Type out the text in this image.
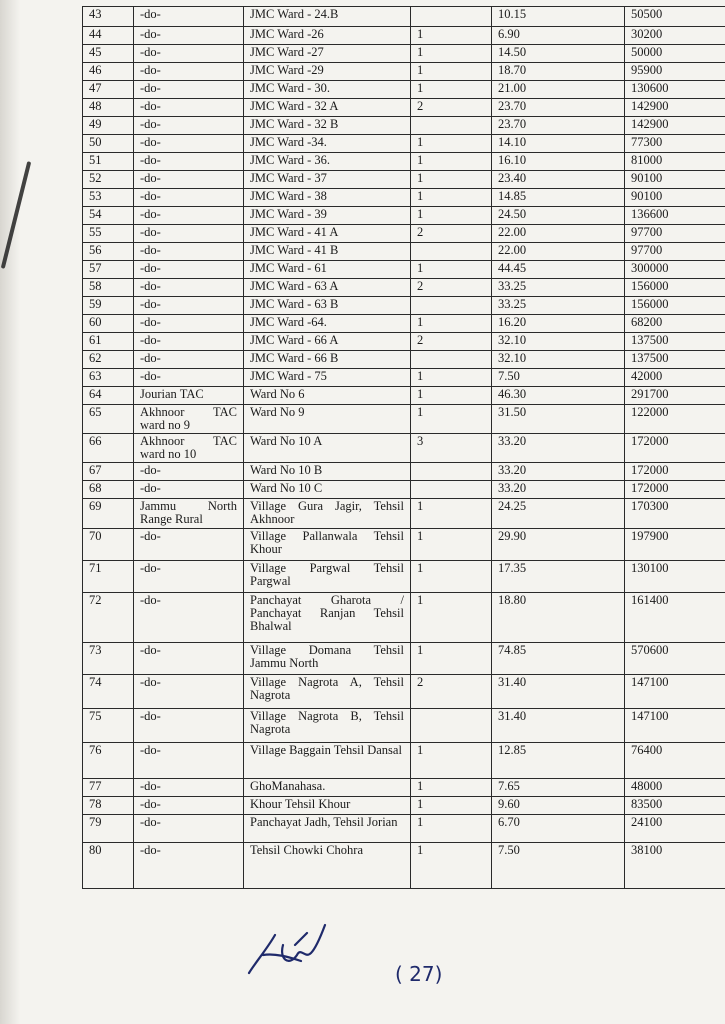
43	-do-	JMC Ward - 24.B		10.15	50500
44	-do-	JMC Ward -26	1	6.90	30200
45	-do-	JMC Ward -27	1	14.50	50000
46	-do-	JMC Ward -29	1	18.70	95900
47	-do-	JMC Ward - 30.	1	21.00	130600
48	-do-	JMC Ward - 32 A	2	23.70	142900
49	-do-	JMC Ward - 32 B		23.70	142900
50	-do-	JMC Ward -34.	1	14.10	77300
51	-do-	JMC Ward - 36.	1	16.10	81000
52	-do-	JMC Ward - 37	1	23.40	90100
53	-do-	JMC Ward - 38	1	14.85	90100
54	-do-	JMC Ward - 39	1	24.50	136600
55	-do-	JMC Ward - 41 A	2	22.00	97700
56	-do-	JMC Ward - 41 B		22.00	97700
57	-do-	JMC Ward - 61	1	44.45	300000
58	-do-	JMC Ward - 63 A	2	33.25	156000
59	-do-	JMC Ward - 63 B		33.25	156000
60	-do-	JMC Ward -64.	1	16.20	68200
61	-do-	JMC Ward - 66 A	2	32.10	137500
62	-do-	JMC Ward - 66 B		32.10	137500
63	-do-	JMC Ward - 75	1	7.50	42000
64	Jourian TAC	Ward No 6	1	46.30	291700
65	Akhnoor TAC ward no 9	Ward No 9	1	31.50	122000
66	Akhnoor TAC ward no 10	Ward No 10 A	3	33.20	172000
67	-do-	Ward No 10 B		33.20	172000
68	-do-	Ward No 10 C		33.20	172000
69	Jammu North Range Rural	Village Gura Jagir, Tehsil Akhnoor	1	24.25	170300
70	-do-	Village Pallanwala Tehsil Khour	1	29.90	197900
71	-do-	Village Pargwal Tehsil Pargwal	1	17.35	130100
72	-do-	Panchayat Gharota / Panchayat Ranjan Tehsil Bhalwal	1	18.80	161400
73	-do-	Village Domana Tehsil Jammu North	1	74.85	570600
74	-do-	Village Nagrota A, Tehsil Nagrota	2	31.40	147100
75	-do-	Village Nagrota B, Tehsil Nagrota		31.40	147100
76	-do-	Village Baggain Tehsil Dansal	1	12.85	76400
77	-do-	GhoManahasa.	1	7.65	48000
78	-do-	Khour Tehsil Khour	1	9.60	83500
79	-do-	Panchayat Jadh, Tehsil Jorian	1	6.70	24100
80	-do-	Tehsil Chowki Chohra	1	7.50	38100
( 27)
